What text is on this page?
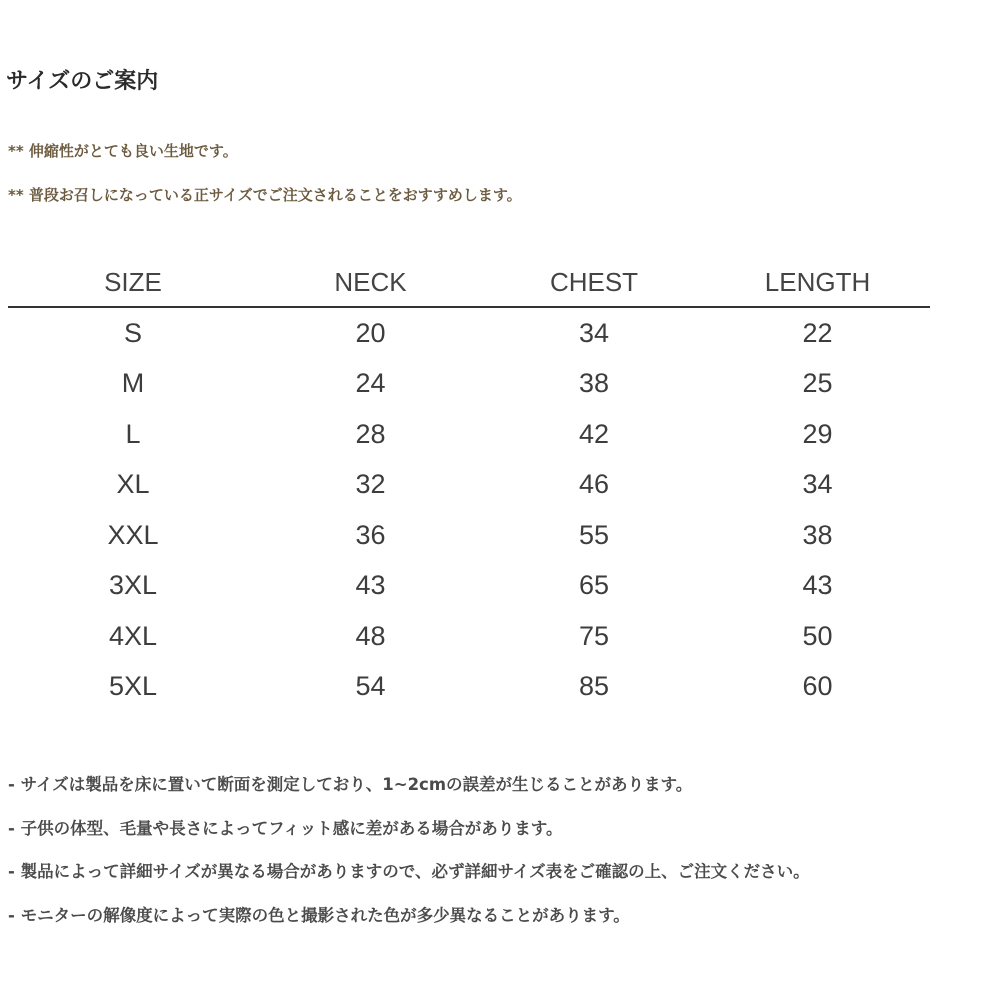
サイズのご案内
** 伸縮性がとても良い生地です。
** 普段お召しになっている正サイズでご注文されることをおすすめします。
SIZE	NECK	CHEST	LENGTH
S	20	34	22
M	24	38	25
L	28	42	29
XL	32	46	34
XXL	36	55	38
3XL	43	65	43
4XL	48	75	50
5XL	54	85	60
- サイズは製品を床に置いて断面を測定しており、1~2cmの誤差が生じることがあります。
- 子供の体型、毛量や長さによってフィット感に差がある場合があります。
- 製品によって詳細サイズが異なる場合がありますので、必ず詳細サイズ表をご確認の上、ご注文ください。
- モニターの解像度によって実際の色と撮影された色が多少異なることがあります。
